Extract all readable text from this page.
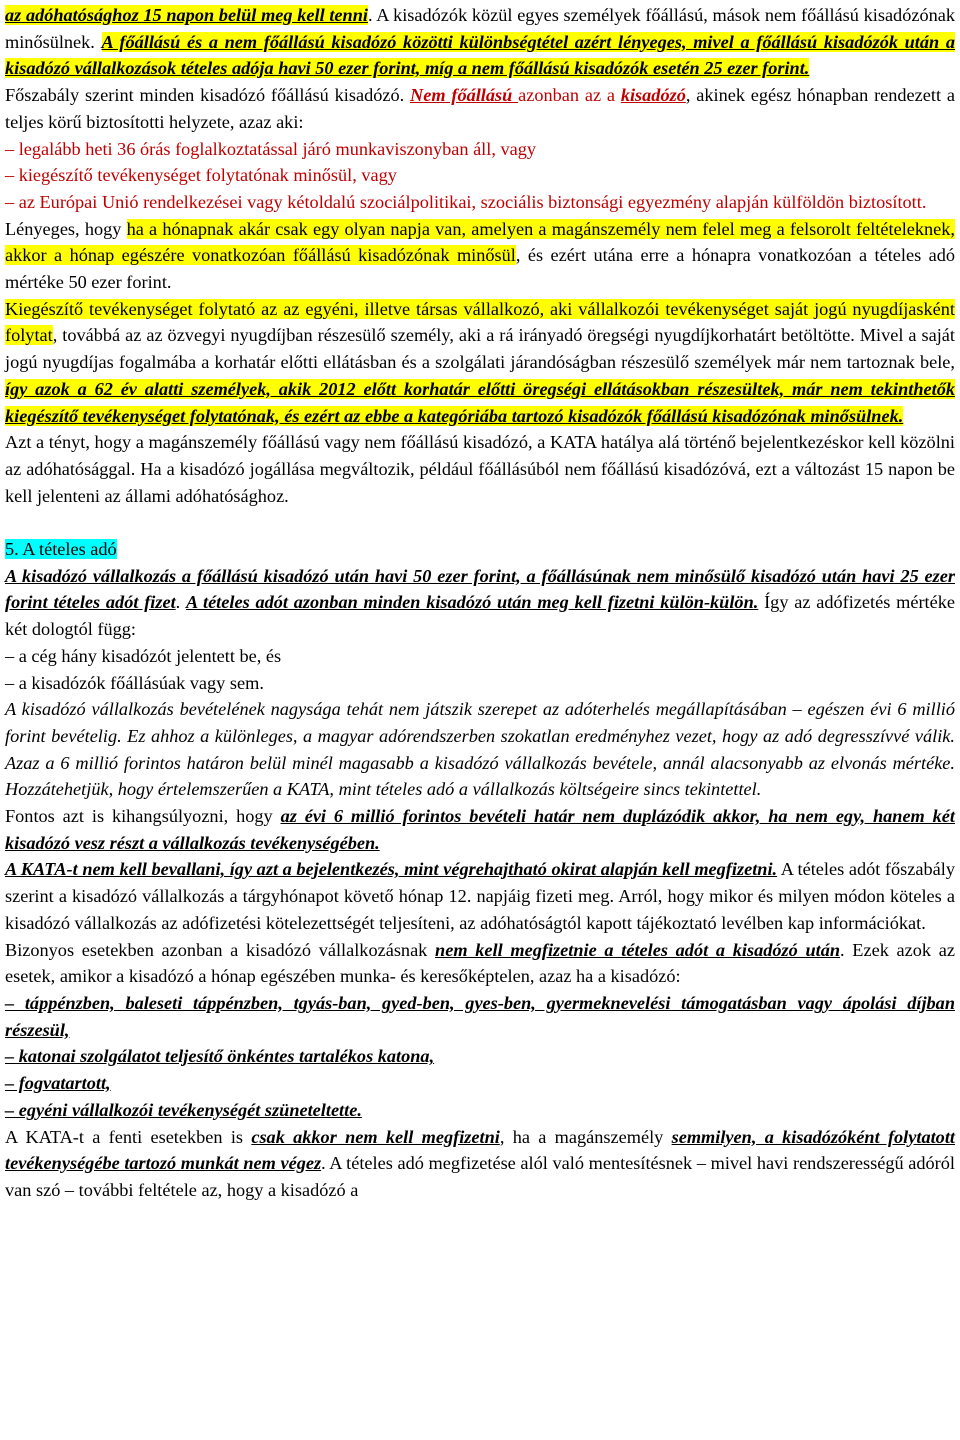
az adóhatósághoz 15 napon belül meg kell tenni. A kisadózók közül egyes személyek főállású, mások nem főállású kisadózónak minősülnek. A főállású és a nem főállású kisadózó közötti különbségtétel azért lényeges, mivel a főállású kisadózók után a kisadózó vállalkozások tételes adója havi 50 ezer forint, míg a nem főállású kisadózók esetén 25 ezer forint.

Főszabály szerint minden kisadózó főállású kisadózó. Nem főállású azonban az a kisadózó, akinek egész hónapban rendezett a teljes körű biztosítotti helyzete, azaz aki:

– legalább heti 36 órás foglalkoztatással járó munkaviszonyban áll, vagy

– kiegészítő tevékenységet folytatónak minősül, vagy

– az Európai Unió rendelkezései vagy kétoldalú szociálpolitikai, szociális biztonsági egyezmény alapján külföldön biztosított.

Lényeges, hogy ha a hónapnak akár csak egy olyan napja van, amelyen a magánszemély nem felel meg a felsorolt feltételeknek, akkor a hónap egészére vonatkozóan főállású kisadózónak minősül, és ezért utána erre a hónapra vonatkozóan a tételes adó mértéke 50 ezer forint.

Kiegészítő tevékenységet folytató az az egyéni, illetve társas vállalkozó, aki vállalkozói tevékenységet saját jogú nyugdíjasként folytat, továbbá az az özvegyi nyugdíjban részesülő személy, aki a rá irányadó öregségi nyugdíjkorhatárt betöltötte. Mivel a saját jogú nyugdíjas fogalmába a korhatár előtti ellátásban és a szolgálati járandóságban részesülő személyek már nem tartoznak bele, így azok a 62 év alatti személyek, akik 2012 előtt korhatár előtti öregségi ellátásokban részesültek, már nem tekinthetők kiegészítő tevékenységet folytatónak, és ezért az ebbe a kategóriába tartozó kisadózók főállású kisadózónak minősülnek.

Azt a tényt, hogy a magánszemély főállású vagy nem főállású kisadózó, a KATA hatálya alá történő bejelentkezéskor kell közölni az adóhatósággal. Ha a kisadózó jogállása megváltozik, például főállásúból nem főállású kisadózóvá, ezt a változást 15 napon be kell jelenteni az állami adóhatósághoz.

5. A tételes adó

A kisadózó vállalkozás a főállású kisadózó után havi 50 ezer forint, a főállásúnak nem minősülő kisadózó után havi 25 ezer forint tételes adót fizet. A tételes adót azonban minden kisadózó után meg kell fizetni külön-külön. Így az adófizetés mértéke két dologtól függ:

– a cég hány kisadózót jelentett be, és

– a kisadózók főállásúak vagy sem.

A kisadózó vállalkozás bevételének nagysága tehát nem játszik szerepet az adóterhelés megállapításában – egészen évi 6 millió forint bevételig. Ez ahhoz a különleges, a magyar adórendszerben szokatlan eredményhez vezet, hogy az adó degresszívvé válik. Azaz a 6 millió forintos határon belül minél magasabb a kisadózó vállalkozás bevétele, annál alacsonyabb az elvonás mértéke. Hozzátehetjük, hogy értelemszerűen a KATA, mint tételes adó a vállalkozás költségeire sincs tekintettel.

Fontos azt is kihangsúlyozni, hogy az évi 6 millió forintos bevételi határ nem duplázódik akkor, ha nem egy, hanem két kisadózó vesz részt a vállalkozás tevékenységében.

A KATA-t nem kell bevallani, így azt a bejelentkezés, mint végrehajtható okirat alapján kell megfizetni. A tételes adót főszabály szerint a kisadózó vállalkozás a tárgyhónapot követő hónap 12. napjáig fizeti meg. Arról, hogy mikor és milyen módon köteles a kisadózó vállalkozás az adófizetési kötelezettségét teljesíteni, az adóhatóságtól kapott tájékoztató levélben kap információkat.

Bizonyos esetekben azonban a kisadózó vállalkozásnak nem kell megfizetnie a tételes adót a kisadózó után. Ezek azok az esetek, amikor a kisadózó a hónap egészében munka- és keresőképtelen, azaz ha a kisadózó:

– táppénzben, baleseti táppénzben, tgyás-ban, gyed-ben, gyes-ben, gyermeknevelési támogatásban vagy ápolási díjban részesül,

– katonai szolgálatot teljesítő önkéntes tartalékos katona,

– fogvatartott,

– egyéni vállalkozói tevékenységét szüneteltette.

A KATA-t a fenti esetekben is csak akkor nem kell megfizetni, ha a magánszemély semmilyen, a kisadózóként folytatott tevékenységébe tartozó munkát nem végez. A tételes adó megfizetése alól való mentesítésnek – mivel havi rendszerességű adóról van szó – további feltétele az, hogy a kisadózó a
